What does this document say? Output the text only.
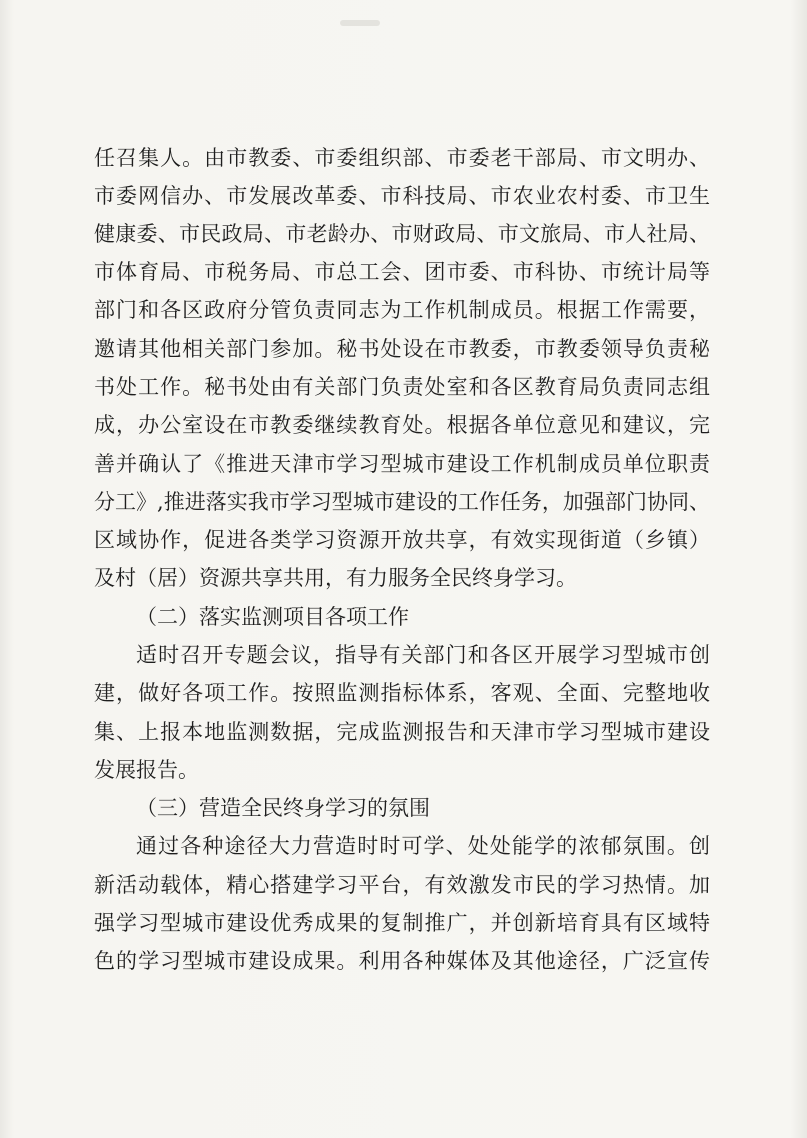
任召集人。由市教委、市委组织部、市委老干部局、市文明办、
市委网信办、市发展改革委、市科技局、市农业农村委、市卫生
健康委、市民政局、市老龄办、市财政局、市文旅局、市人社局、
市体育局、市税务局、市总工会、团市委、市科协、市统计局等
部门和各区政府分管负责同志为工作机制成员。根据工作需要，
邀请其他相关部门参加。秘书处设在市教委，市教委领导负责秘
书处工作。秘书处由有关部门负责处室和各区教育局负责同志组
成，办公室设在市教委继续教育处。根据各单位意见和建议，完
善并确认了《推进天津市学习型城市建设工作机制成员单位职责
分工》,推进落实我市学习型城市建设的工作任务，加强部门协同、
区域协作，促进各类学习资源开放共享，有效实现街道（乡镇）
及村（居）资源共享共用，有力服务全民终身学习。
（二）落实监测项目各项工作
适时召开专题会议，指导有关部门和各区开展学习型城市创
建，做好各项工作。按照监测指标体系，客观、全面、完整地收
集、上报本地监测数据，完成监测报告和天津市学习型城市建设
发展报告。
（三）营造全民终身学习的氛围
通过各种途径大力营造时时可学、处处能学的浓郁氛围。创
新活动载体，精心搭建学习平台，有效激发市民的学习热情。加
强学习型城市建设优秀成果的复制推广，并创新培育具有区域特
色的学习型城市建设成果。利用各种媒体及其他途径，广泛宣传
